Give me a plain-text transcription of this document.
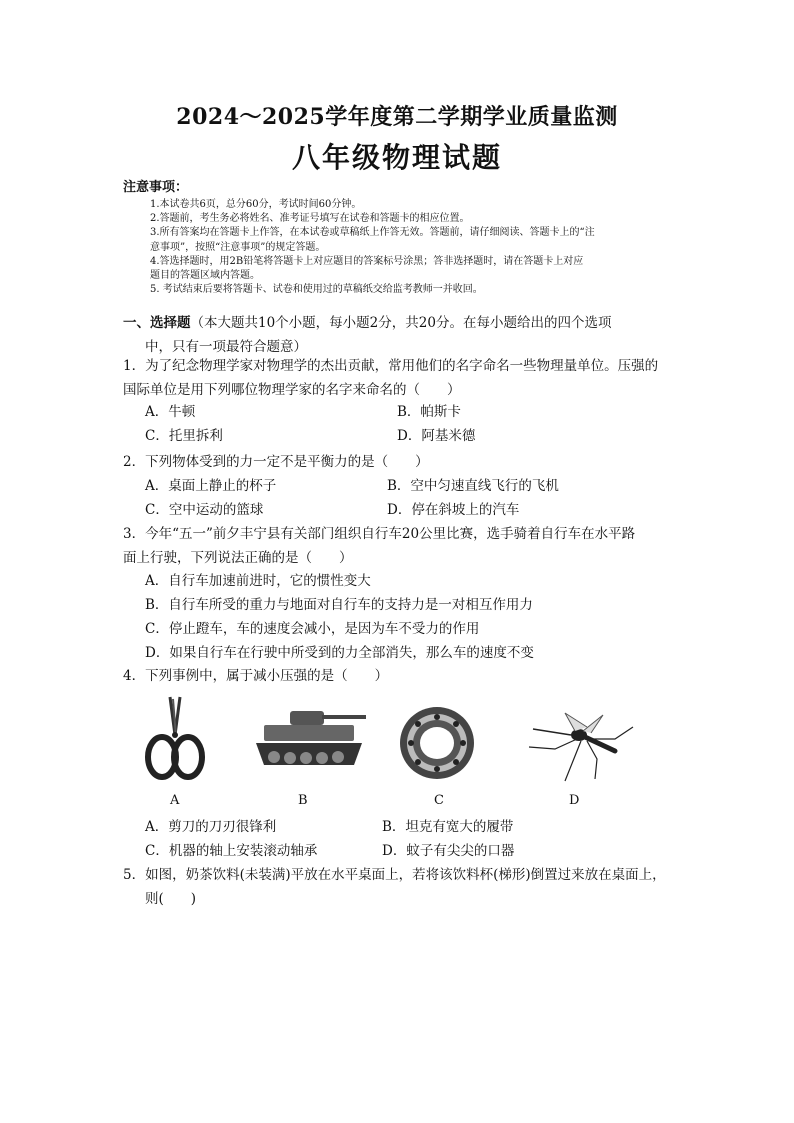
2024～2025学年度第二学期学业质量监测
八年级物理试题
注意事项：
1.本试卷共6页，总分60分，考试时间60分钟。
2.答题前，考生务必将姓名、准考证号填写在试卷和答题卡的相应位置。
3.所有答案均在答题卡上作答，在本试卷或草稿纸上作答无效。答题前，请仔细阅读、答题卡上的“注
意事项”，按照“注意事项”的规定答题。
4.答选择题时，用2B铅笔将答题卡上对应题目的答案标号涂黑；答非选择题时，请在答题卡上对应
题目的答题区域内答题。
5. 考试结束后要将答题卡、试卷和使用过的草稿纸交给监考教师一并收回。
一、选择题（本大题共10个小题，每小题2分，共20分。在每小题给出的四个选项
中，只有一项最符合题意）
1．为了纪念物理学家对物理学的杰出贡献，常用他们的名字命名一些物理量单位。压强的
国际单位是用下列哪位物理学家的名字来命名的（　　）
A．牛顿	B．帕斯卡
C．托里拆利	D．阿基米德
2．下列物体受到的力一定不是平衡力的是（　　）
A．桌面上静止的杯子	B．空中匀速直线飞行的飞机
C．空中运动的篮球	D．停在斜坡上的汽车
3．今年“五一”前夕丰宁县有关部门组织自行车20公里比赛，选手骑着自行车在水平路
面上行驶，下列说法正确的是（　　）
A．自行车加速前进时，它的惯性变大
B．自行车所受的重力与地面对自行车的支持力是一对相互作用力
C．停止蹬车，车的速度会减小，是因为车不受力的作用
D．如果自行车在行驶中所受到的力全部消失，那么车的速度不变
4．下列事例中，属于减小压强的是（　　）
A	B	C	D
A．剪刀的刀刃很锋利	B．坦克有宽大的履带
C．机器的轴上安装滚动轴承	D．蚊子有尖尖的口器
5．如图，奶茶饮料(未装满)平放在水平桌面上，若将该饮料杯(梯形)倒置过来放在桌面上，
则(　　)
